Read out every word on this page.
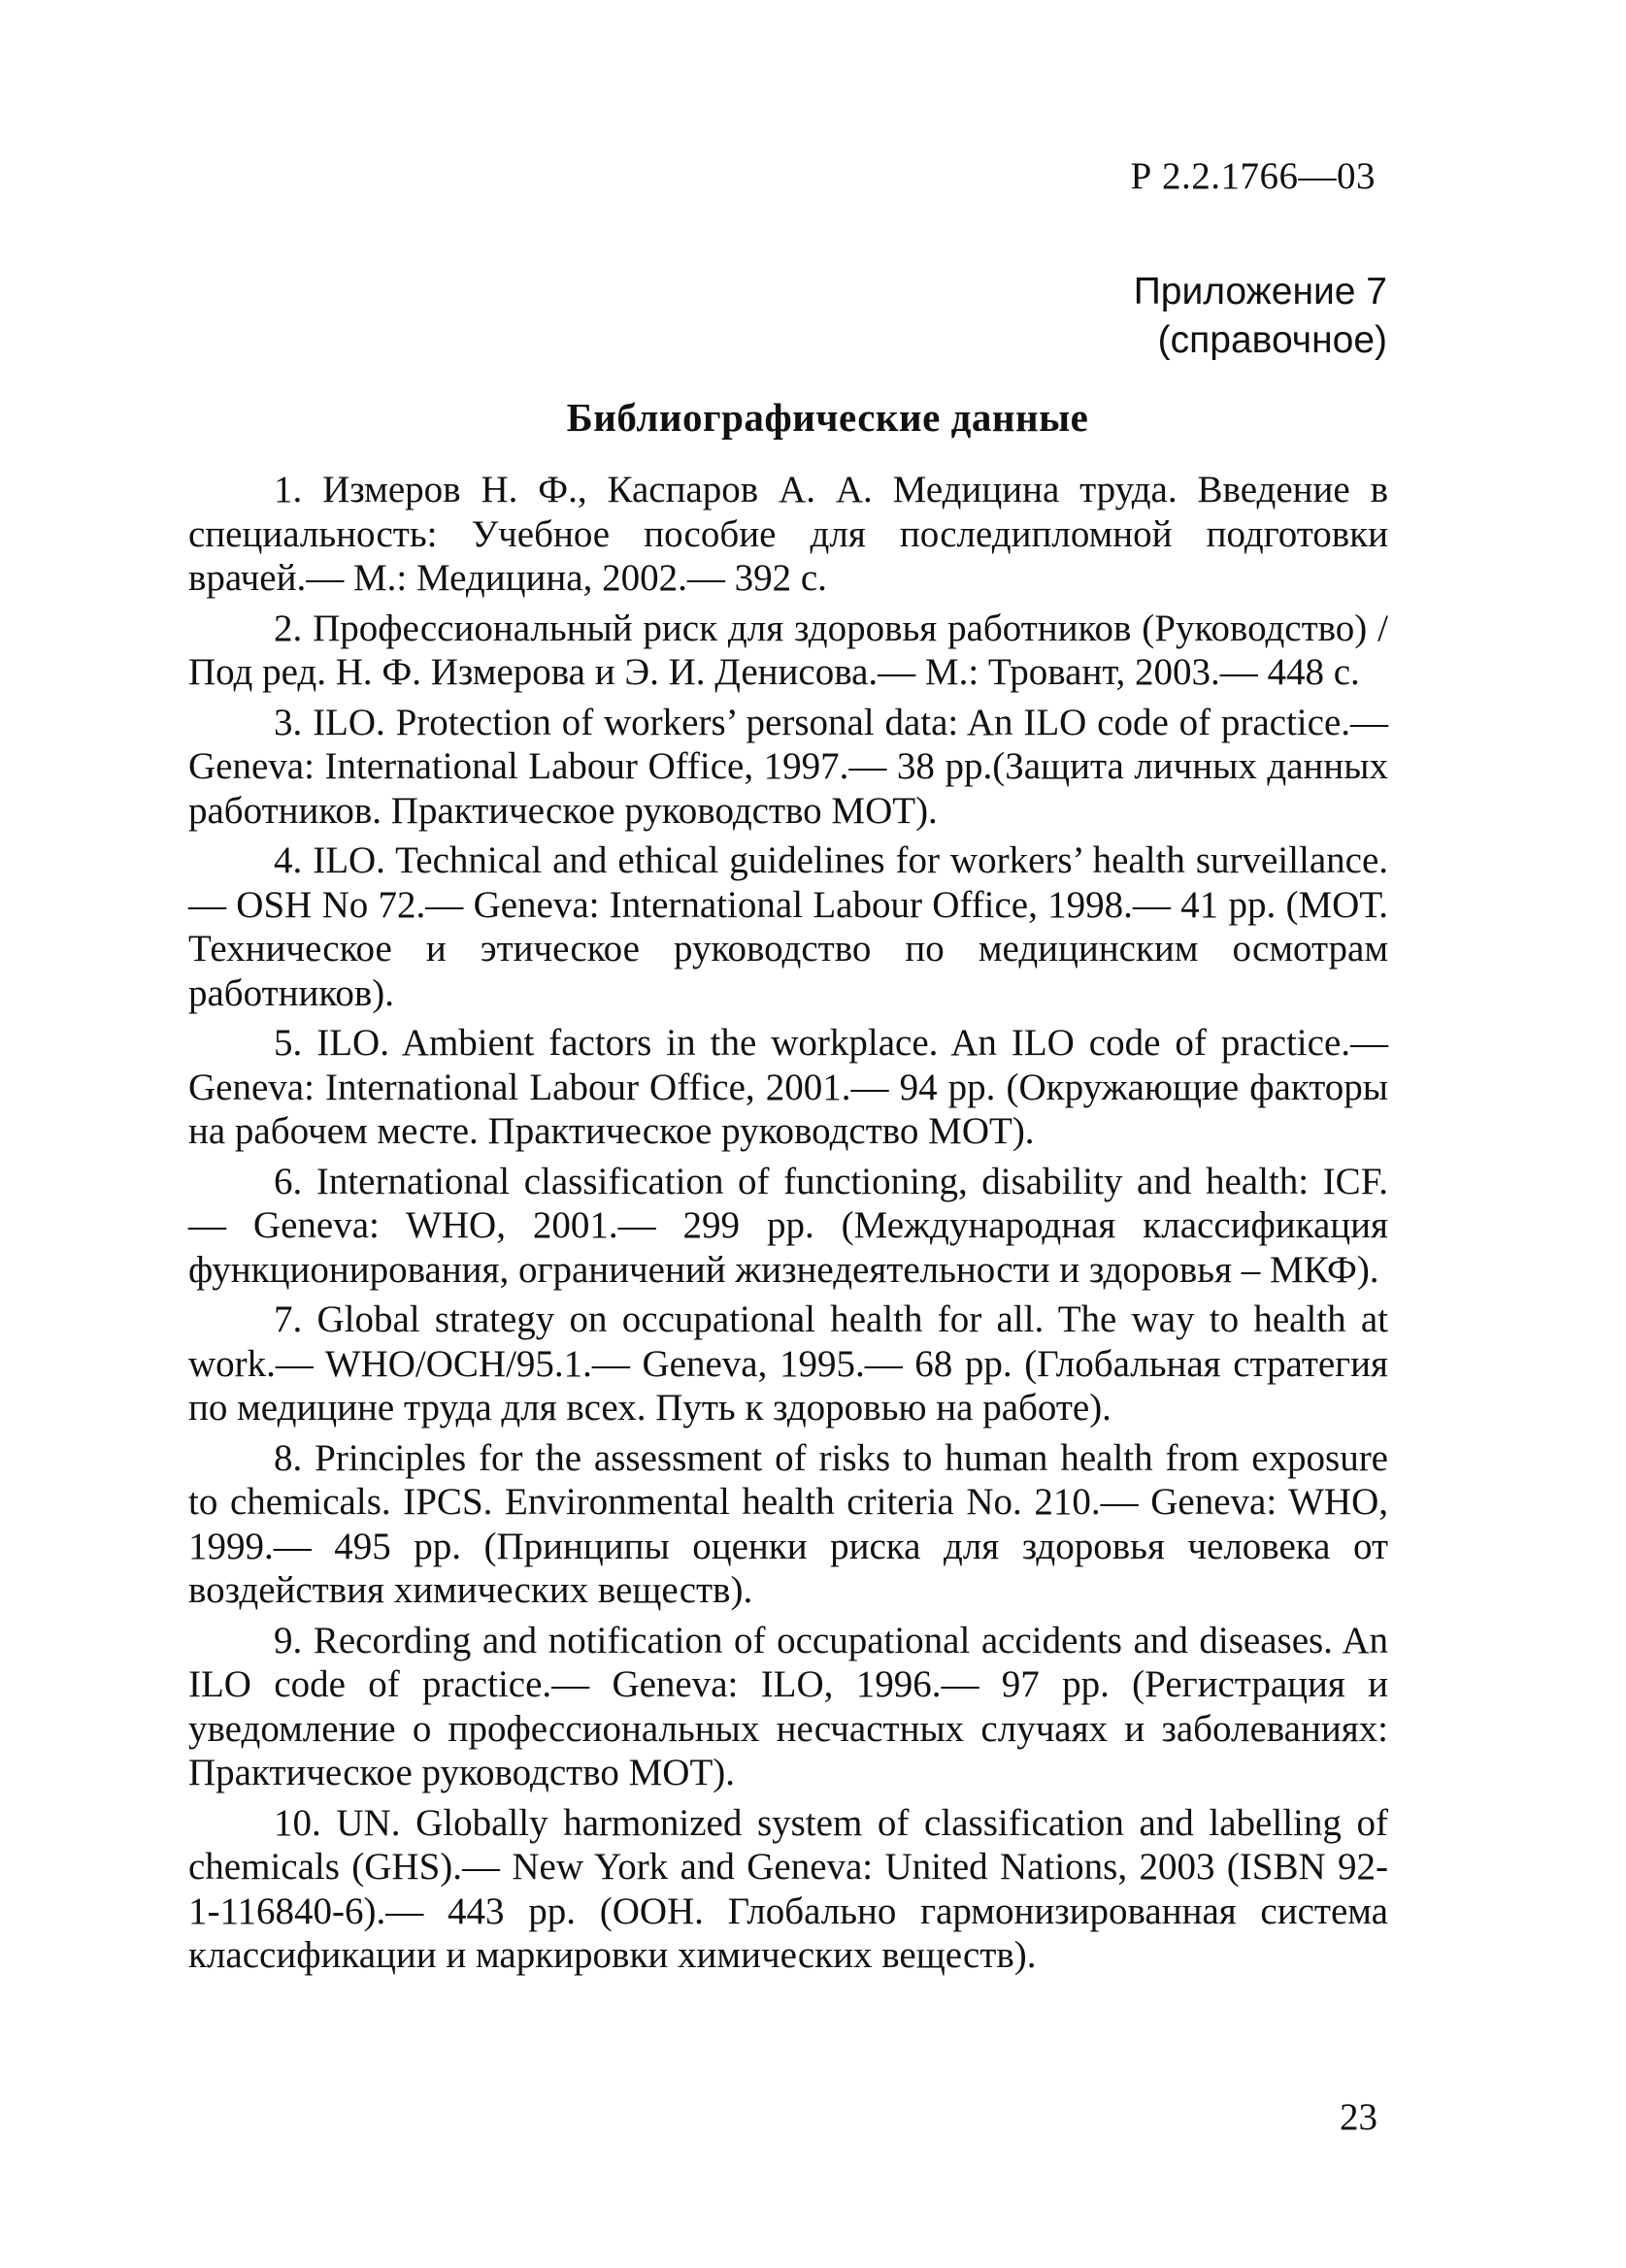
Р 2.2.1766—03
Приложение 7
(справочное)
Библиографические данные
1. Измеров Н. Ф., Каспаров А. А. Медицина труда. Введение в специальность: Учебное пособие для последипломной подготовки врачей.— М.: Медицина, 2002.— 392 с.
2. Профессиональный риск для здоровья работников (Руководство) /Под ред. Н. Ф. Измерова и Э. И. Денисова.— М.: Тровант, 2003.— 448 с.
3. ILO. Protection of workers’ personal data: An ILO code of practice.— Geneva: International Labour Office, 1997.— 38 pp.(Защита личных данных работников. Практическое руководство МОТ).
4. ILO. Technical and ethical guidelines for workers’ health surveillance.— OSH No 72.— Geneva: International Labour Office, 1998.— 41 pp. (МОТ. Техническое и этическое руководство по медицинским осмотрам работников).
5. ILO. Ambient factors in the workplace. An ILO code of practice.— Geneva: International Labour Office, 2001.— 94 pp. (Окружающие факторы на рабочем месте. Практическое руководство МОТ).
6. International classification of functioning, disability and health: ICF.— Geneva: WHO, 2001.— 299 pp. (Международная классификация функционирования, ограничений жизнедеятельности и здоровья – МКФ).
7. Global strategy on occupational health for all. The way to health at work.— WHO/OCH/95.1.— Geneva, 1995.— 68 pp. (Глобальная стратегия по медицине труда для всех. Путь к здоровью на работе).
8. Principles for the assessment of risks to human health from exposure to chemicals. IPCS. Environmental health criteria No. 210.— Geneva: WHO, 1999.— 495 pp. (Принципы оценки риска для здоровья человека от воздействия химических веществ).
9. Recording and notification of occupational accidents and diseases. An ILO code of practice.— Geneva: ILO, 1996.— 97 pp. (Регистрация и уведомление о профессиональных несчастных случаях и заболеваниях: Практическое руководство МОТ).
10. UN. Globally harmonized system of classification and labelling of chemicals (GHS).— New York and Geneva: United Nations, 2003 (ISBN 92-1-116840-6).— 443 pp. (ООН. Глобально гармонизированная система классификации и маркировки химических веществ).
23
